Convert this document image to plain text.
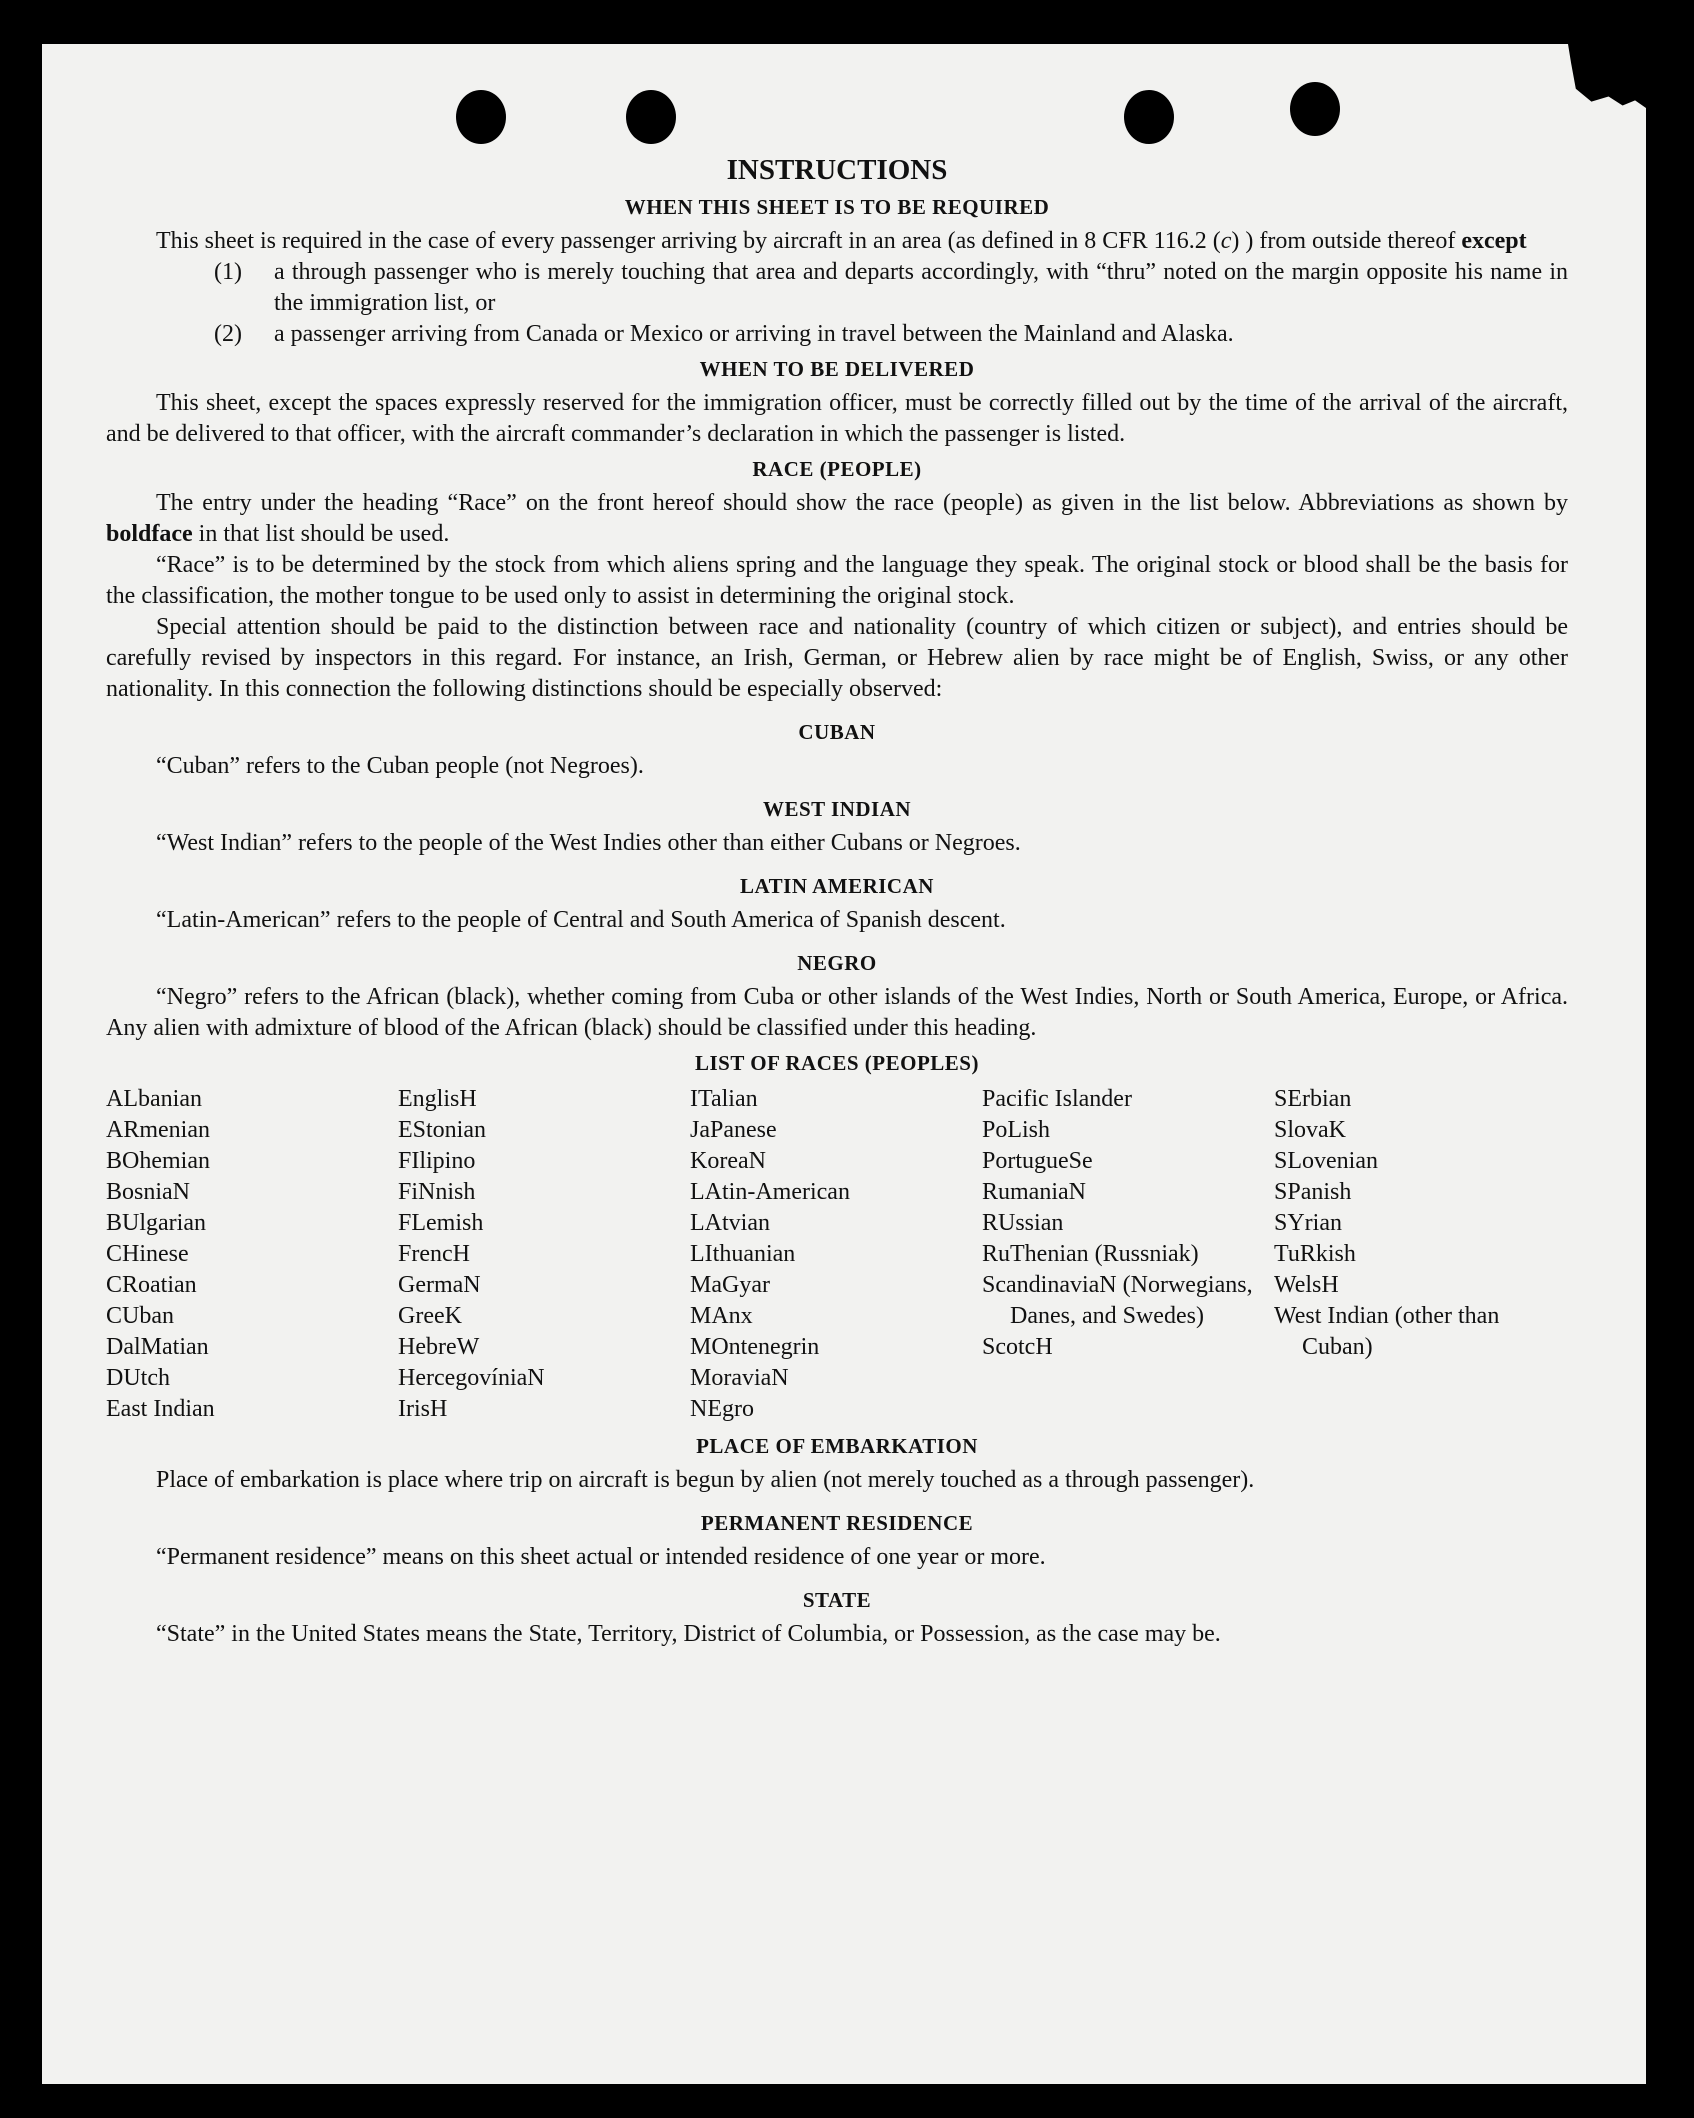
INSTRUCTIONS
WHEN THIS SHEET IS TO BE REQUIRED

This sheet is required in the case of every passenger arriving by aircraft in an area (as defined in 8 CFR 116.2 (c) ) from outside thereof except

(1)	a through passenger who is merely touching that area and departs accordingly, with “thru” noted on the margin opposite his name in the immigration list, or
(2)	a passenger arriving from Canada or Mexico or arriving in travel between the Mainland and Alaska.
WHEN TO BE DELIVERED

This sheet, except the spaces expressly reserved for the immigration officer, must be correctly filled out by the time of the arrival of the aircraft, and be delivered to that officer, with the aircraft commander’s declaration in which the passenger is listed.

RACE (PEOPLE)

The entry under the heading “Race” on the front hereof should show the race (people) as given in the list below. Abbreviations as shown by boldface in that list should be used.

“Race” is to be determined by the stock from which aliens spring and the language they speak. The original stock or blood shall be the basis for the classification, the mother tongue to be used only to assist in determining the original stock.

Special attention should be paid to the distinction between race and nationality (country of which citizen or subject), and entries should be carefully revised by inspectors in this regard. For instance, an Irish, German, or Hebrew alien by race might be of English, Swiss, or any other nationality. In this connection the following distinctions should be especially observed:

CUBAN

“Cuban” refers to the Cuban people (not Negroes).

WEST INDIAN

“West Indian” refers to the people of the West Indies other than either Cubans or Negroes.

LATIN AMERICAN

“Latin-American” refers to the people of Central and South America of Spanish descent.

NEGRO

“Negro” refers to the African (black), whether coming from Cuba or other islands of the West Indies, North or South America, Europe, or Africa. Any alien with admixture of blood of the African (black) should be classified under this heading.

LIST OF RACES (PEOPLES)
ALbanian
ARmenian
BOhemian
BosniaN
BUlgarian
CHinese
CRoatian
CUban
DalMatian
DUtch
East Indian
EnglisH
EStonian
FIlipino
FiNnish
FLemish
FrencH
GermaN
GreeK
HebreW
HercegovíniaN
IrisH
ITalian
JaPanese
KoreaN
LAtin-American
LAtvian
LIthuanian
MaGyar
MAnx
MOntenegrin
MoraviaN
NEgro
Pacific Islander
PoLish
PortugueSe
RumaniaN
RUssian
RuThenian (Russniak)
ScandinaviaN (Norwegians, Danes, and Swedes)
ScotcH
SErbian
SlovaK
SLovenian
SPanish
SYrian
TuRkish
WelsH
West Indian (other than Cuban)
PLACE OF EMBARKATION

Place of embarkation is place where trip on aircraft is begun by alien (not merely touched as a through passenger).

PERMANENT RESIDENCE

“Permanent residence” means on this sheet actual or intended residence of one year or more.

STATE

“State” in the United States means the State, Territory, District of Columbia, or Possession, as the case may be.
